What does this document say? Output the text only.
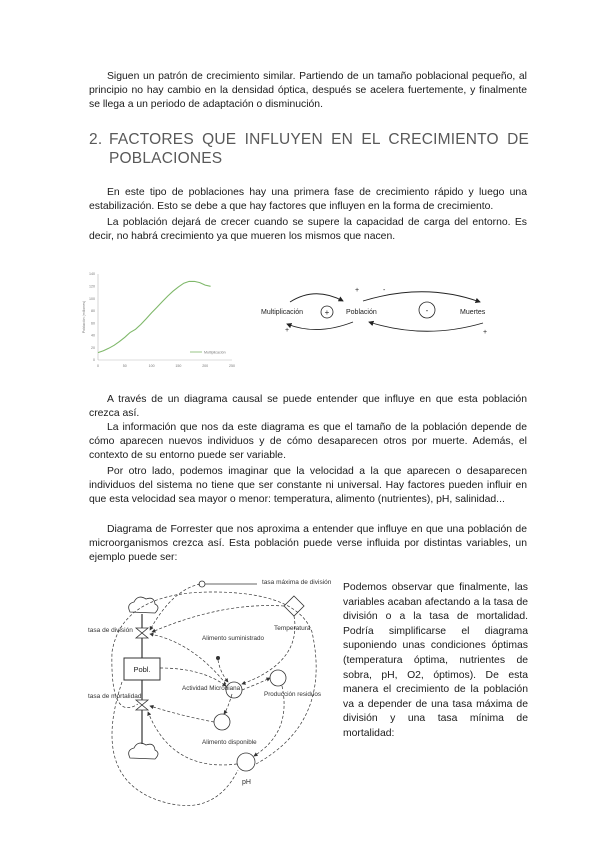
Siguen un patrón de crecimiento similar. Partiendo de un tamaño poblacional pequeño, al principio no hay cambio en la densidad óptica, después se acelera fuertemente, y finalmente se llega a un periodo de adaptación o disminución.

2. FACTORES QUE INFLUYEN EN EL CRECIMIENTO DE
POBLACIONES

En este tipo de poblaciones hay una primera fase de crecimiento rápido y luego una estabilización. Esto se debe a que hay factores que influyen en la forma de crecimiento.

La población dejará de crecer cuando se supere la capacidad de carga del entorno. Es decir, no habrá crecimiento ya que mueren los mismos que nacen.

0	50	100	150	200	250
0
20
40
60
80
100
120
140
Población (millones)
Multiplicación
Multiplicación	Población	Muertes
+	-
+
+
-
+

A través de un diagrama causal se puede entender que influye en que esta población crezca así.

La información que nos da este diagrama es que el tamaño de la población depende de cómo aparecen nuevos individuos y de cómo desaparecen otros por muerte. Además, el contexto de su entorno puede ser variable.

Por otro lado, podemos imaginar que la velocidad a la que aparecen o desaparecen individuos del sistema no tiene que ser constante ni universal. Hay factores pueden influir en que esta velocidad sea mayor o menor: temperatura, alimento (nutrientes), pH, salinidad...

Diagrama de Forrester que nos aproxima a entender que influye en que una población de microorganismos crezca así. Esta población puede verse influida por distintas variables, un ejemplo puede ser:

Pobl.
tasa de división
tasa de mortalidad
tasa máxima de división
Temperatura
Alimento suministrado
Actividad Microbiana
Alimento disponible
Producción residuos
pH

Podemos observar que finalmente, las variables acaban afectando a la tasa de división o a la tasa de mortalidad. Podría simplificarse el diagrama suponiendo unas condiciones óptimas (temperatura óptima, nutrientes de sobra, pH, O2, óptimos). De esta manera el crecimiento de la población va a depender de una tasa máxima de división y una tasa mínima de mortalidad:
